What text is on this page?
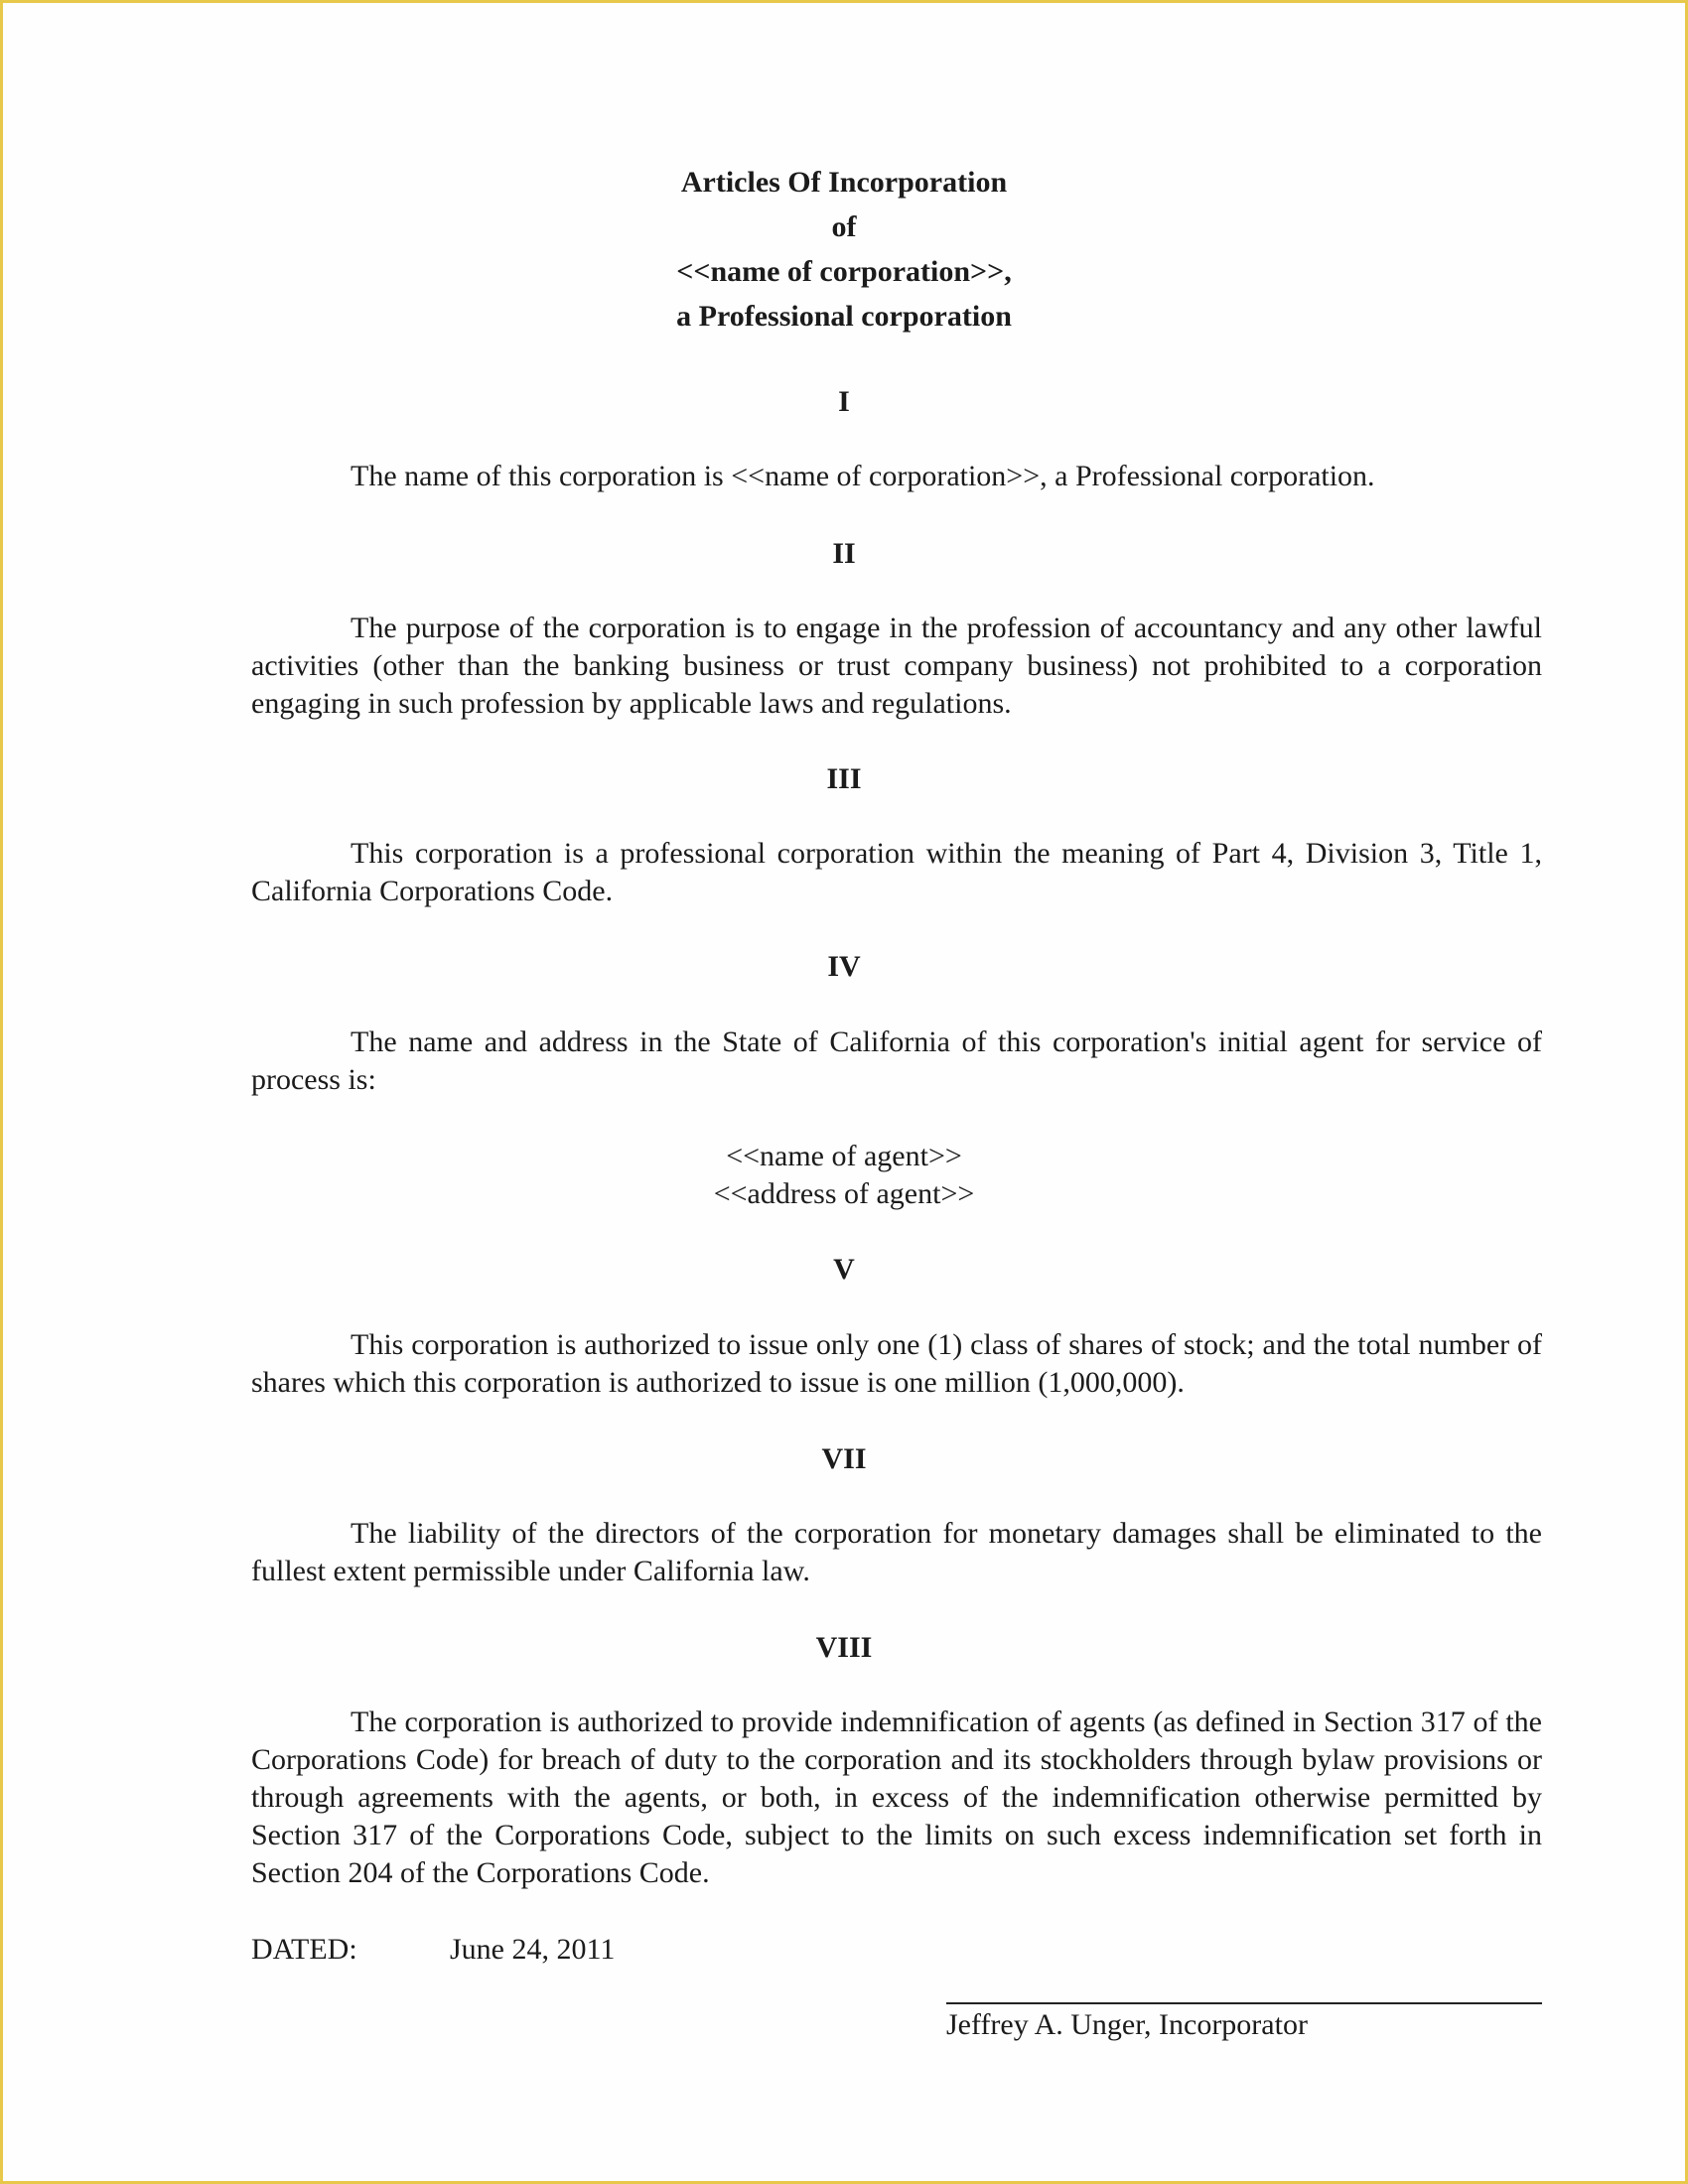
Articles Of Incorporation
of
<<name of corporation>>,
a Professional corporation
I
The name of this corporation is <<name of corporation>>, a Professional corporation.
II
The purpose of the corporation is to engage in the profession of accountancy and any other lawful activities (other than the banking business or trust company business) not prohibited to a corporation engaging in such profession by applicable laws and regulations.
III
This corporation is a professional corporation within the meaning of Part 4, Division 3, Title 1, California Corporations Code.
IV
The name and address in the State of California of this corporation's initial agent for service of process is:
<<name of agent>>
<<address of agent>>
V
This corporation is authorized to issue only one (1) class of shares of stock; and the total number of shares which this corporation is authorized to issue is one million (1,000,000).
VII
The liability of the directors of the corporation for monetary damages shall be eliminated to the fullest extent permissible under California law.
VIII
The corporation is authorized to provide indemnification of agents (as defined in Section 317 of the Corporations Code) for breach of duty to the corporation and its stockholders through bylaw provisions or through agreements with the agents, or both, in excess of the indemnification otherwise permitted by Section 317 of the Corporations Code, subject to the limits on such excess indemnification set forth in Section 204 of the Corporations Code.
DATED:	June 24, 2011
Jeffrey A. Unger, Incorporator
